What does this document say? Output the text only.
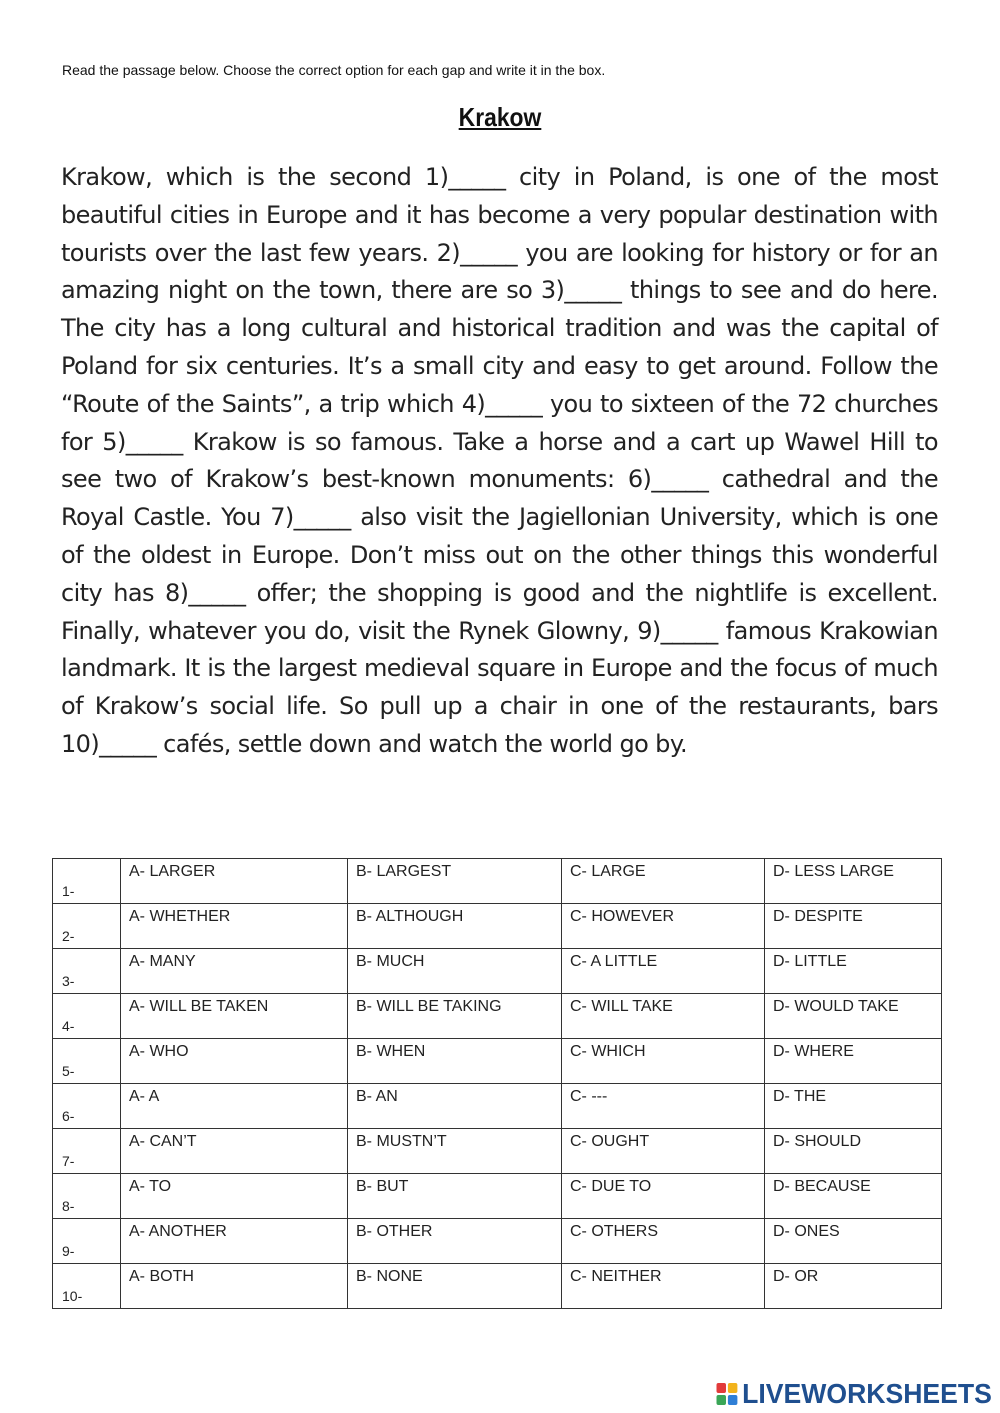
Read the passage below. Choose the correct option for each gap and write it in the box.
Krakow

Krakow, which is the second 1)_____ city in Poland, is one of the most beautiful cities in Europe and it has become a very popular destination with tourists over the last few years. 2)_____ you are looking for history or for an amazing night on the town, there are so 3)_____ things to see and do here. The city has a long cultural and historical tradition and was the capital of Poland for six centuries. It’s a small city and easy to get around. Follow the “Route of the Saints”, a trip which 4)_____ you to sixteen of the 72 churches for 5)_____ Krakow is so famous. Take a horse and a cart up Wawel Hill to see two of Krakow’s best-known monuments: 6)_____ cathedral and the Royal Castle. You 7)_____ also visit the Jagiellonian University, which is one of the oldest in Europe. Don’t miss out on the other things this wonderful city has 8)_____ offer; the shopping is good and the nightlife is excellent. Finally, whatever you do, visit the Rynek Glowny, 9)_____ famous Krakowian landmark. It is the largest medieval square in Europe and the focus of much of Krakow’s social life. So pull up a chair in one of the restaurants, bars 10)_____ cafés, settle down and watch the world go by.

1-	A- LARGER	B- LARGEST	C- LARGE	D- LESS LARGE
2-	A- WHETHER	B- ALTHOUGH	C- HOWEVER	D- DESPITE
3-	A- MANY	B- MUCH	C- A LITTLE	D- LITTLE
4-	A- WILL BE TAKEN	B- WILL BE TAKING	C- WILL TAKE	D- WOULD TAKE
5-	A- WHO	B- WHEN	C- WHICH	D- WHERE
6-	A- A	B- AN	C- ---	D- THE
7-	A- CAN’T	B- MUSTN’T	C- OUGHT	D- SHOULD
8-	A- TO	B- BUT	C- DUE TO	D- BECAUSE
9-	A- ANOTHER	B- OTHER	C- OTHERS	D- ONES
10-	A- BOTH	B- NONE	C- NEITHER	D- OR
LIVEWORKSHEETS
